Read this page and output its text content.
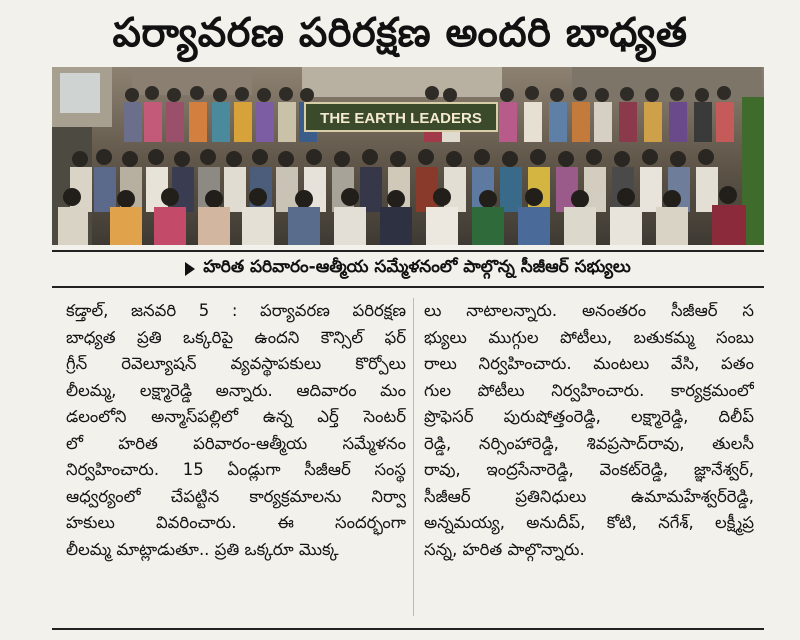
పర్యావరణ పరిరక్షణ అందరి బాధ్యత
THE EARTH LEADERS
హరిత పరివారం-ఆత్మీయ సమ్మేళనంలో పాల్గొన్న సీజీఆర్ సభ్యులు
కడ్తాల్, జనవరి 5 : పర్యావరణ పరిరక్షణ
బాధ్యత ప్రతి ఒక్కరిపై ఉందని కౌన్సిల్ ఫర్
గ్రీన్ రెవెల్యూషన్ వ్యవస్థాపకులు కొర్పోలు
లీలమ్మ, లక్ష్మారెడ్డి అన్నారు. ఆదివారం మం
డలంలోని అన్మాస్‌పల్లిలో ఉన్న ఎర్త్ సెంటర్
లో హరిత పరివారం-ఆత్మీయ సమ్మేళనం
నిర్వహించారు. 15 ఏండ్లుగా సీజీఆర్ సంస్థ
ఆధ్వర్యంలో చేపట్టిన కార్యక్రమాలను నిర్వా
హకులు వివరించారు. ఈ సందర్భంగా
లీలమ్మ మాట్లాడుతూ.. ప్రతి ఒక్కరూ మొక్క
లు నాటాలన్నారు. అనంతరం సీజీఆర్ స
భ్యులు ముగ్గుల పోటీలు, బతుకమ్మ సంబు
రాలు నిర్వహించారు. మంటలు వేసి, పతం
గుల పోటీలు నిర్వహించారు. కార్యక్రమంలో
ప్రొఫెసర్ పురుషోత్తంరెడ్డి, లక్ష్మారెడ్డి, దిలీప్
రెడ్డి, నర్సింహారెడ్డి, శివప్రసాద్‌రావు, తులసీ
రావు, ఇంద్రసేనారెడ్డి, వెంకట్‌రెడ్డి, జ్ఞానేశ్వర్,
సీజీఆర్ ప్రతినిధులు ఉమామహేశ్వర్‌రెడ్డి,
అన్నమయ్య, అనుదీప్, కోటి, నగేశ్, లక్ష్మీప్ర
సన్న, హరిత పాల్గొన్నారు.
